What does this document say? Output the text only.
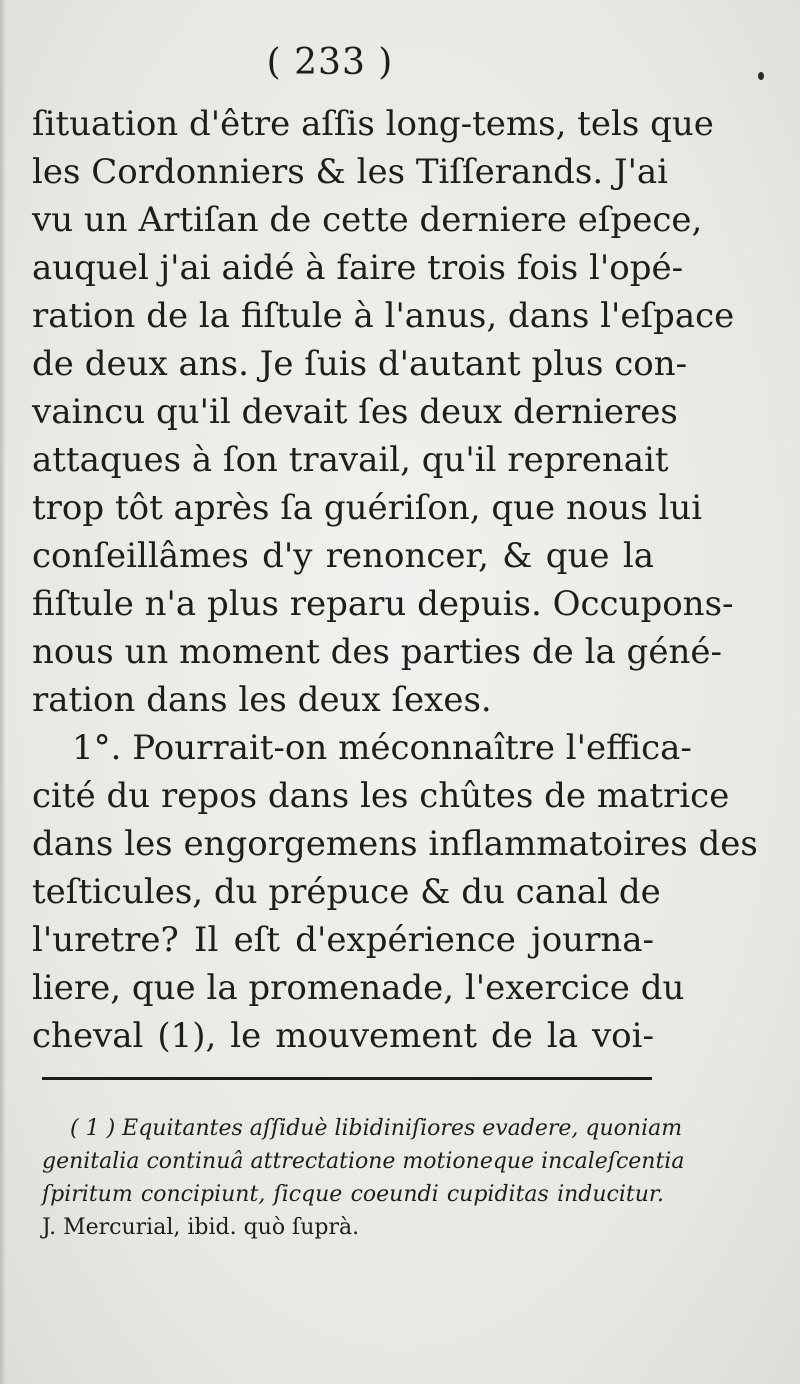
( 233 )
ſituation d'être aſſis long-tems, tels que
les Cordonniers & les Tiſſerands. J'ai
vu un Artiſan de cette derniere eſpece,
auquel j'ai aidé à faire trois fois l'opé-
ration de la fiſtule à l'anus, dans l'eſpace
de deux ans. Je ſuis d'autant plus con-
vaincu qu'il devait ſes deux dernieres
attaques à ſon travail, qu'il reprenait
trop tôt après ſa guériſon, que nous lui
conſeillâmes d'y renoncer, & que la
fiſtule n'a plus reparu depuis. Occupons-
nous un moment des parties de la géné-
ration dans les deux ſexes.
1°. Pourrait-on méconnaître l'effica-
cité du repos dans les chûtes de matrice
dans les engorgemens inflammatoires des
teſticules, du prépuce & du canal de
l'uretre? Il eſt d'expérience journa-
liere, que la promenade, l'exercice du
cheval (1), le mouvement de la voi-
( 1 ) Equitantes aſſiduè libidiniſiores evadere, quoniam
genitalia continuâ attrectatione motioneque incaleſcentia
ſpiritum concipiunt, ſicque coeundi cupiditas inducitur.
J. Mercurial, ibid. quò ſuprà.
